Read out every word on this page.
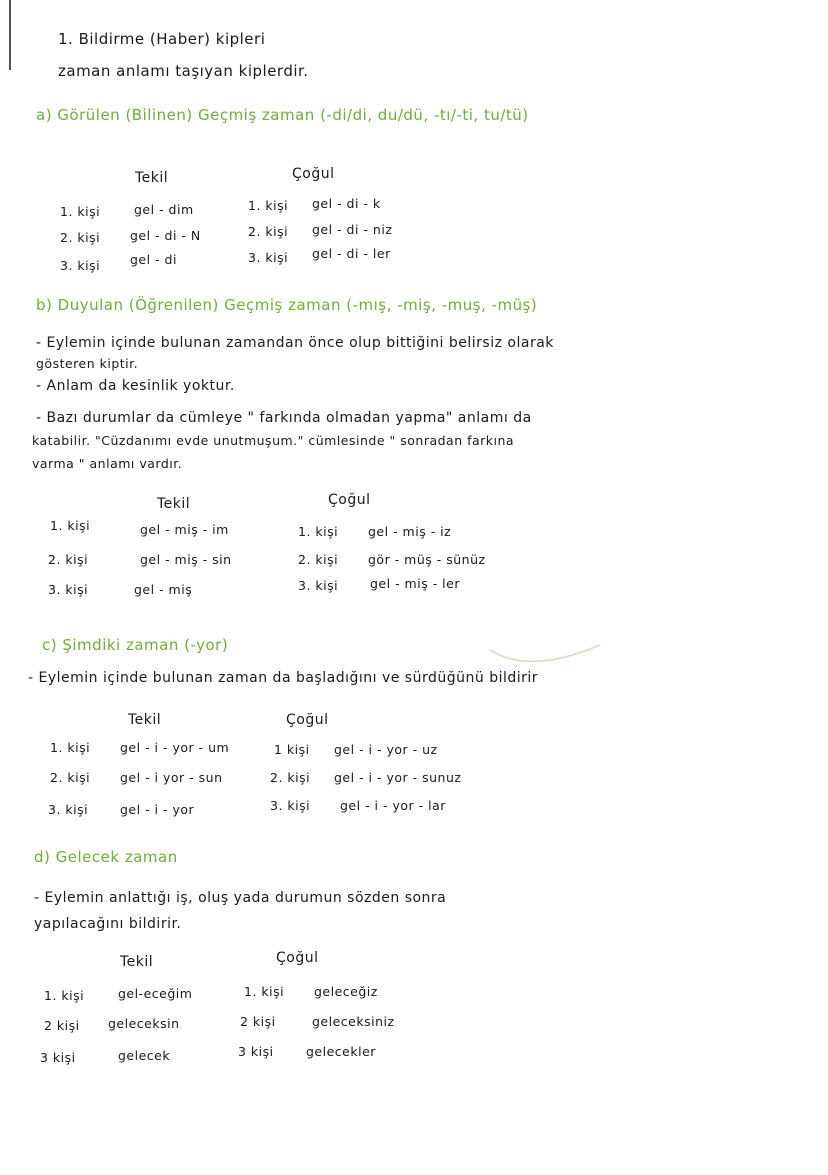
1. Bildirme (Haber) kipleri
zaman anlamı taşıyan kiplerdir.
a) Görülen (Bilinen) Geçmiş zaman (-di/di, du/dü, -tı/-ti, tu/tü)
Tekil	Çoğul
1. kişi	gel - dim	1. kişi gel - di - k
2. kişi gel - di - N	2. kişi gel - di - niz
3. kişi gel - di	3. kişi gel - di - ler
b) Duyulan (Öğrenilen) Geçmiş zaman (-mış, -miş, -muş, -müş)
- Eylemin içinde bulunan zamandan önce olup bittiğini belirsiz olarak
gösteren kiptir.
- Anlam da kesinlik yoktur.
- Bazı durumlar da cümleye " farkında olmadan yapma" anlamı da
katabilir. "Cüzdanımı evde unutmuşum." cümlesinde " sonradan farkına
varma " anlamı vardır.
Tekil	Çoğul
1. kişi	gel - miş - im	1. kişi gel - miş - iz
2. kişi	gel - miş - sin	2. kişi gör - müş - sünüz
3. kişi	gel - miş	3. kişi	gel - miş - ler
c) Şimdiki zaman (-yor)
- Eylemin içinde bulunan zaman da başladığını ve sürdüğünü bildirir
Tekil	Çoğul
1. kişi gel - i - yor - um	1 kişi gel - i - yor - uz
2. kişi gel - i yor - sun	2. kişi gel - i - yor - sunuz
3. kişi	gel - i - yor	3. kişi gel - i - yor - lar
d) Gelecek zaman
- Eylemin anlattığı iş, oluş yada durumun sözden sonra
yapılacağını bildirir.
Tekil	Çoğul
1. kişi	gel-eceğim	1. kişi geleceğiz
2 kişi geleceksin	2 kişi	geleceksiniz
3 kişi	gelecek	3 kişi	gelecekler
